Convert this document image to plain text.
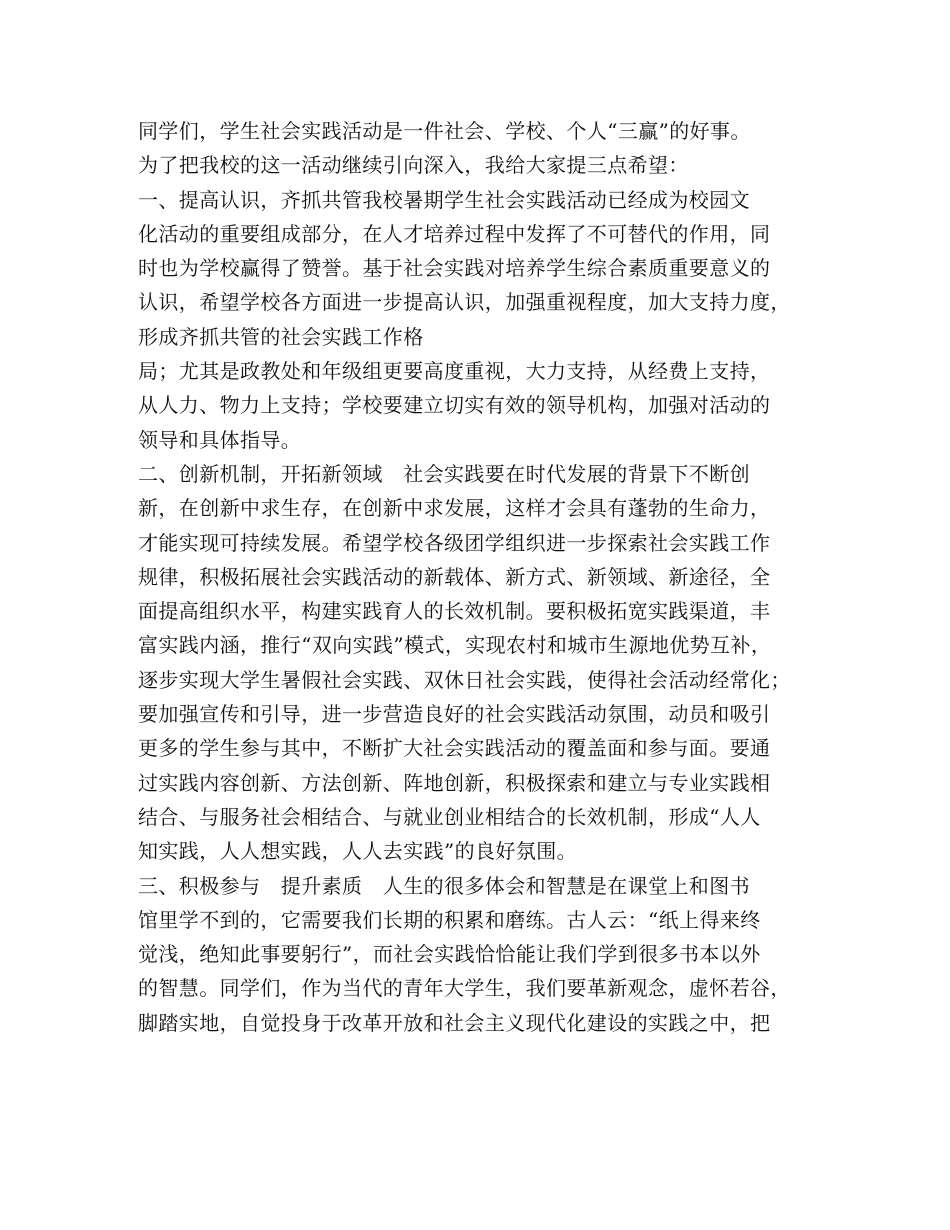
同学们，学生社会实践活动是一件社会、学校、个人“三赢”的好事。
为了把我校的这一活动继续引向深入，我给大家提三点希望：
一、提高认识，齐抓共管我校暑期学生社会实践活动已经成为校园文
化活动的重要组成部分，在人才培养过程中发挥了不可替代的作用，同
时也为学校赢得了赞誉。基于社会实践对培养学生综合素质重要意义的
认识，希望学校各方面进一步提高认识，加强重视程度，加大支持力度，
形成齐抓共管的社会实践工作格
局；尤其是政教处和年级组更要高度重视，大力支持，从经费上支持，
从人力、物力上支持；学校要建立切实有效的领导机构，加强对活动的
领导和具体指导。
二、创新机制，开拓新领域　社会实践要在时代发展的背景下不断创
新，在创新中求生存，在创新中求发展，这样才会具有蓬勃的生命力，
才能实现可持续发展。希望学校各级团学组织进一步探索社会实践工作
规律，积极拓展社会实践活动的新载体、新方式、新领域、新途径，全
面提高组织水平，构建实践育人的长效机制。要积极拓宽实践渠道，丰
富实践内涵，推行“双向实践”模式，实现农村和城市生源地优势互补，
逐步实现大学生暑假社会实践、双休日社会实践，使得社会活动经常化；
要加强宣传和引导，进一步营造良好的社会实践活动氛围，动员和吸引
更多的学生参与其中，不断扩大社会实践活动的覆盖面和参与面。要通
过实践内容创新、方法创新、阵地创新，积极探索和建立与专业实践相
结合、与服务社会相结合、与就业创业相结合的长效机制，形成“人人
知实践，人人想实践，人人去实践”的良好氛围。
三、积极参与　提升素质　人生的很多体会和智慧是在课堂上和图书
馆里学不到的，它需要我们长期的积累和磨练。古人云：“纸上得来终
觉浅，绝知此事要躬行”，而社会实践恰恰能让我们学到很多书本以外
的智慧。同学们，作为当代的青年大学生，我们要革新观念，虚怀若谷，
脚踏实地，自觉投身于改革开放和社会主义现代化建设的实践之中，把
